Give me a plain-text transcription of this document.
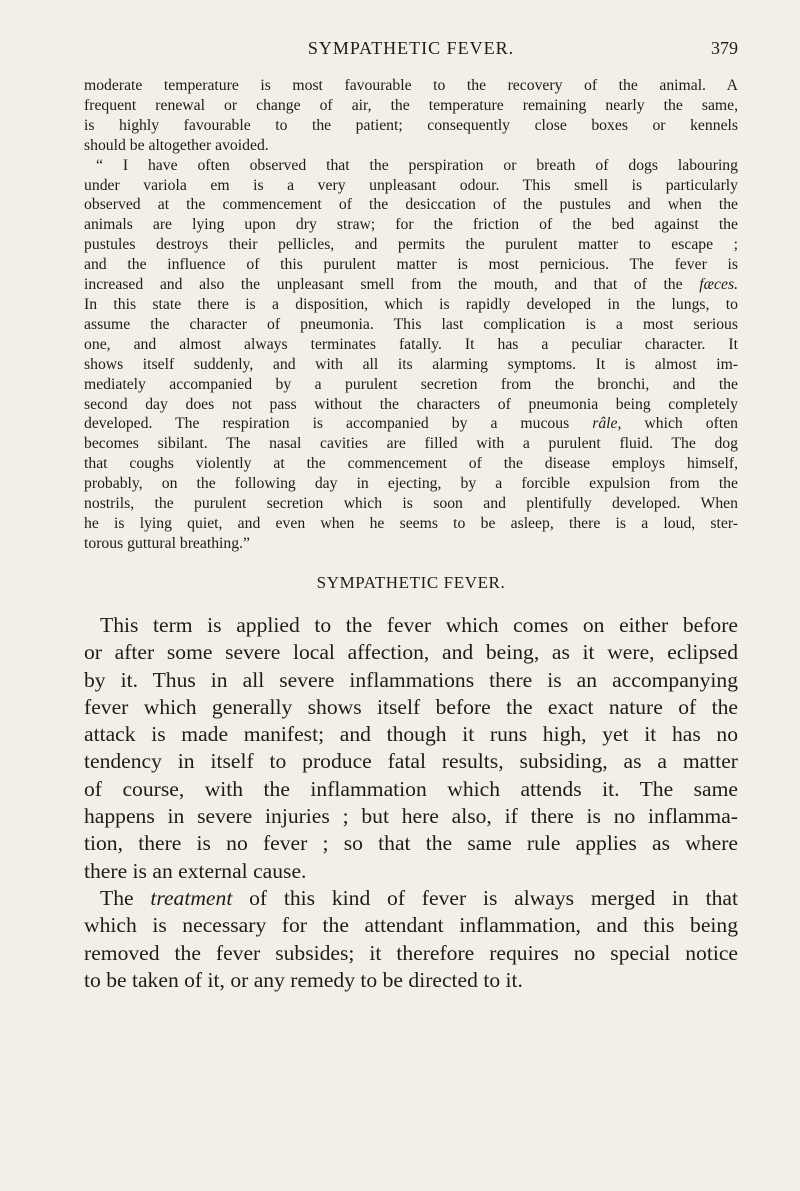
SYMPATHETIC FEVER.	379

moderate temperature is most favourable to the recovery of the animal. A
frequent renewal or change of air, the temperature remaining nearly the same,
is highly favourable to the patient; consequently close boxes or kennels
should be altogether avoided.

“ I have often observed that the perspiration or breath of dogs labouring
under variola em is a very unpleasant odour. This smell is particularly
observed at the commencement of the desiccation of the pustules and when the
animals are lying upon dry straw; for the friction of the bed against the
pustules destroys their pellicles, and permits the purulent matter to escape ;
and the influence of this purulent matter is most pernicious. The fever is
increased and also the unpleasant smell from the mouth, and that of the fæces.
In this state there is a disposition, which is rapidly developed in the lungs, to
assume the character of pneumonia. This last complication is a most serious
one, and almost always terminates fatally. It has a peculiar character. It
shows itself suddenly, and with all its alarming symptoms. It is almost im-
mediately accompanied by a purulent secretion from the bronchi, and the
second day does not pass without the characters of pneumonia being completely
developed. The respiration is accompanied by a mucous râle, which often
becomes sibilant. The nasal cavities are filled with a purulent fluid. The dog
that coughs violently at the commencement of the disease employs himself,
probably, on the following day in ejecting, by a forcible expulsion from the
nostrils, the purulent secretion which is soon and plentifully developed. When
he is lying quiet, and even when he seems to be asleep, there is a loud, ster-
torous guttural breathing.”

SYMPATHETIC FEVER.

This term is applied to the fever which comes on either before
or after some severe local affection, and being, as it were, eclipsed
by it. Thus in all severe inflammations there is an accompanying
fever which generally shows itself before the exact nature of the
attack is made manifest; and though it runs high, yet it has no
tendency in itself to produce fatal results, subsiding, as a matter
of course, with the inflammation which attends it. The same
happens in severe injuries ; but here also, if there is no inflamma-
tion, there is no fever ; so that the same rule applies as where
there is an external cause.

The treatment of this kind of fever is always merged in that
which is necessary for the attendant inflammation, and this being
removed the fever subsides; it therefore requires no special notice
to be taken of it, or any remedy to be directed to it.
